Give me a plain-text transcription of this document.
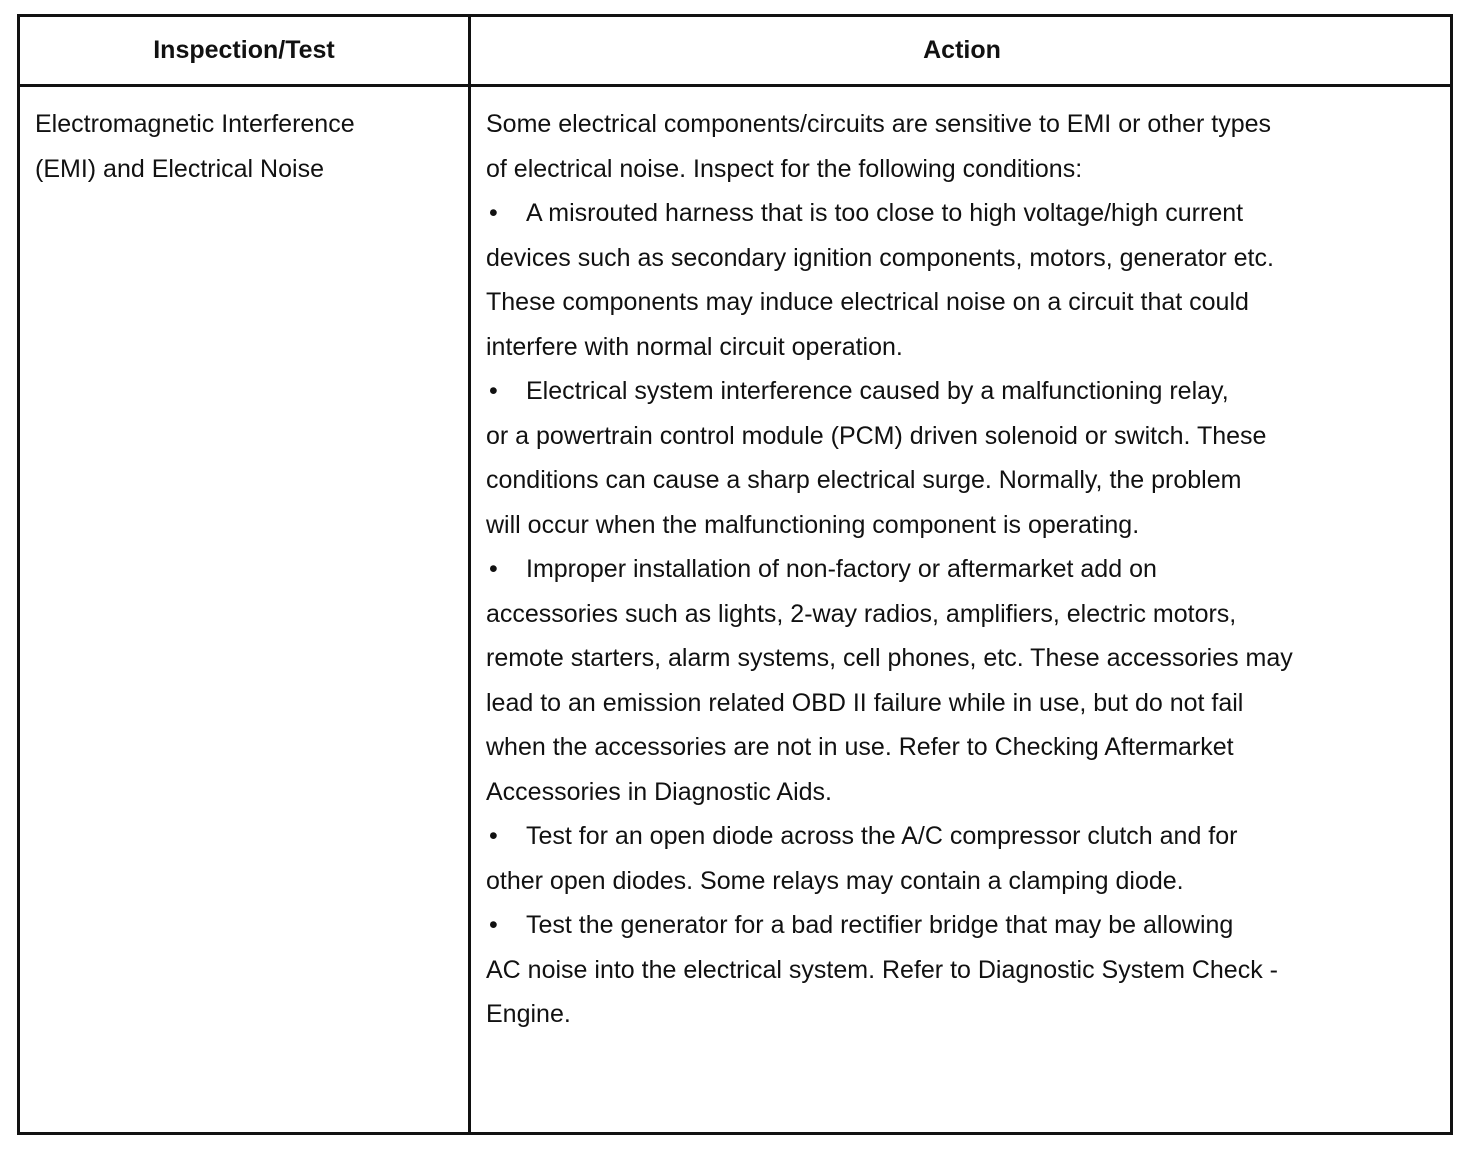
Inspection/Test	Action
Electromagnetic Interference
(EMI) and Electrical Noise
Some electrical components/circuits are sensitive to EMI or other types
of electrical noise. Inspect for the following conditions:
• A misrouted harness that is too close to high voltage/high current
devices such as secondary ignition components, motors, generator etc.
These components may induce electrical noise on a circuit that could
interfere with normal circuit operation.
• Electrical system interference caused by a malfunctioning relay,
or a powertrain control module (PCM) driven solenoid or switch. These
conditions can cause a sharp electrical surge. Normally, the problem
will occur when the malfunctioning component is operating.
• Improper installation of non-factory or aftermarket add on
accessories such as lights, 2-way radios, amplifiers, electric motors,
remote starters, alarm systems, cell phones, etc. These accessories may
lead to an emission related OBD II failure while in use, but do not fail
when the accessories are not in use. Refer to Checking Aftermarket
Accessories in Diagnostic Aids.
• Test for an open diode across the A/C compressor clutch and for
other open diodes. Some relays may contain a clamping diode.
• Test the generator for a bad rectifier bridge that may be allowing
AC noise into the electrical system. Refer to Diagnostic System Check -
Engine.
